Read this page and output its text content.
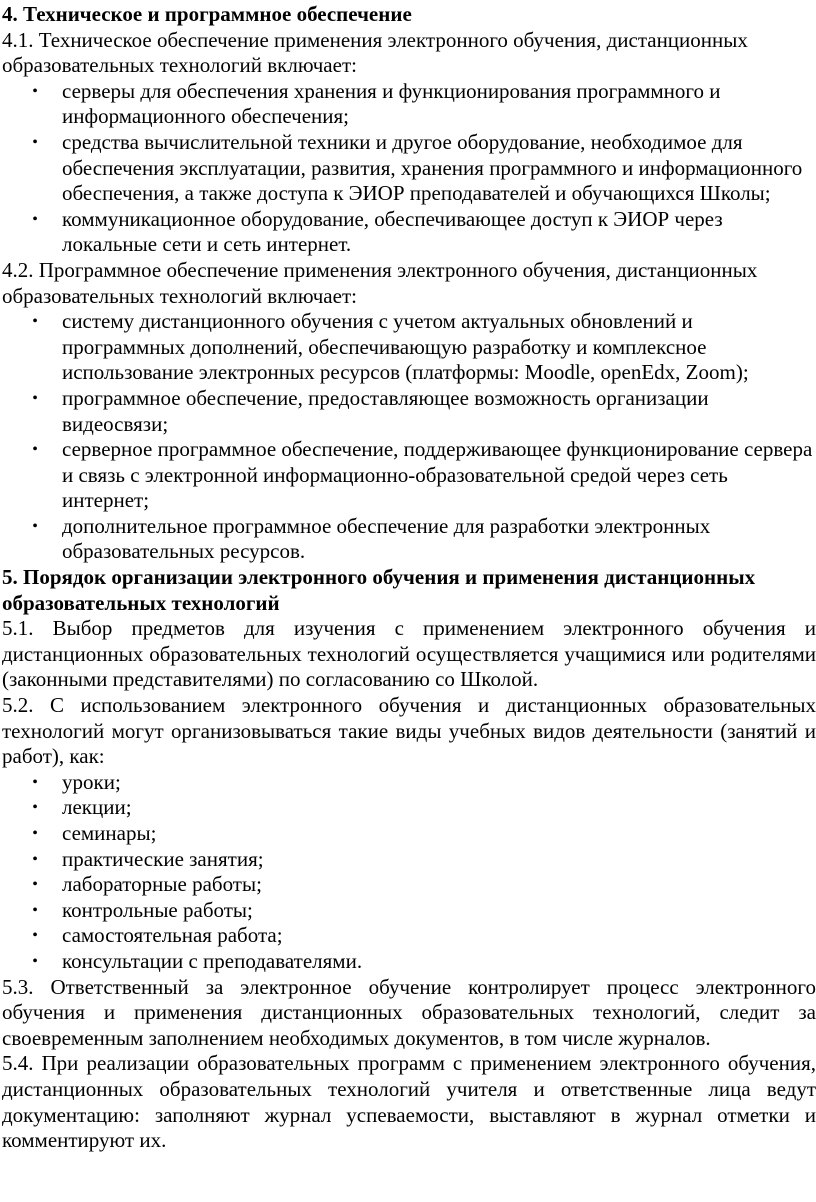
4. Техническое и программное обеспечение

4.1. Техническое обеспечение применения электронного обучения, дистанционных образовательных технологий включает:

• серверы для обеспечения хранения и функционирования программного и информационного обеспечения;
• средства вычислительной техники и другое оборудование, необходимое для обеспечения эксплуатации, развития, хранения программного и информационного обеспечения, а также доступа к ЭИОР преподавателей и обучающихся Школы;
• коммуникационное оборудование, обеспечивающее доступ к ЭИОР через локальные сети и сеть интернет.

4.2. Программное обеспечение применения электронного обучения, дистанционных образовательных технологий включает:

• систему дистанционного обучения с учетом актуальных обновлений и программных дополнений, обеспечивающую разработку и комплексное использование электронных ресурсов (платформы: Moodle, openEdx, Zoom);
• программное обеспечение, предоставляющее возможность организации видеосвязи;
• серверное программное обеспечение, поддерживающее функционирование сервера и связь с электронной информационно-образовательной средой через сеть интернет;
• дополнительное программное обеспечение для разработки электронных образовательных ресурсов.

5. Порядок организации электронного обучения и применения дистанционных образовательных технологий

5.1. Выбор предметов для изучения с применением электронного обучения и дистанционных образовательных технологий осуществляется учащимися или родителями (законными представителями) по согласованию со Школой.

5.2. С использованием электронного обучения и дистанционных образовательных технологий могут организовываться такие виды учебных видов деятельности (занятий и работ), как:

• уроки;
• лекции;
• семинары;
• практические занятия;
• лабораторные работы;
• контрольные работы;
• самостоятельная работа;
• консультации с преподавателями.

5.3. Ответственный за электронное обучение контролирует процесс электронного обучения и применения дистанционных образовательных технологий, следит за своевременным заполнением необходимых документов, в том числе журналов.

5.4. При реализации образовательных программ с применением электронного обучения, дистанционных образовательных технологий учителя и ответственные лица ведут документацию: заполняют журнал успеваемости, выставляют в журнал отметки и комментируют их.
